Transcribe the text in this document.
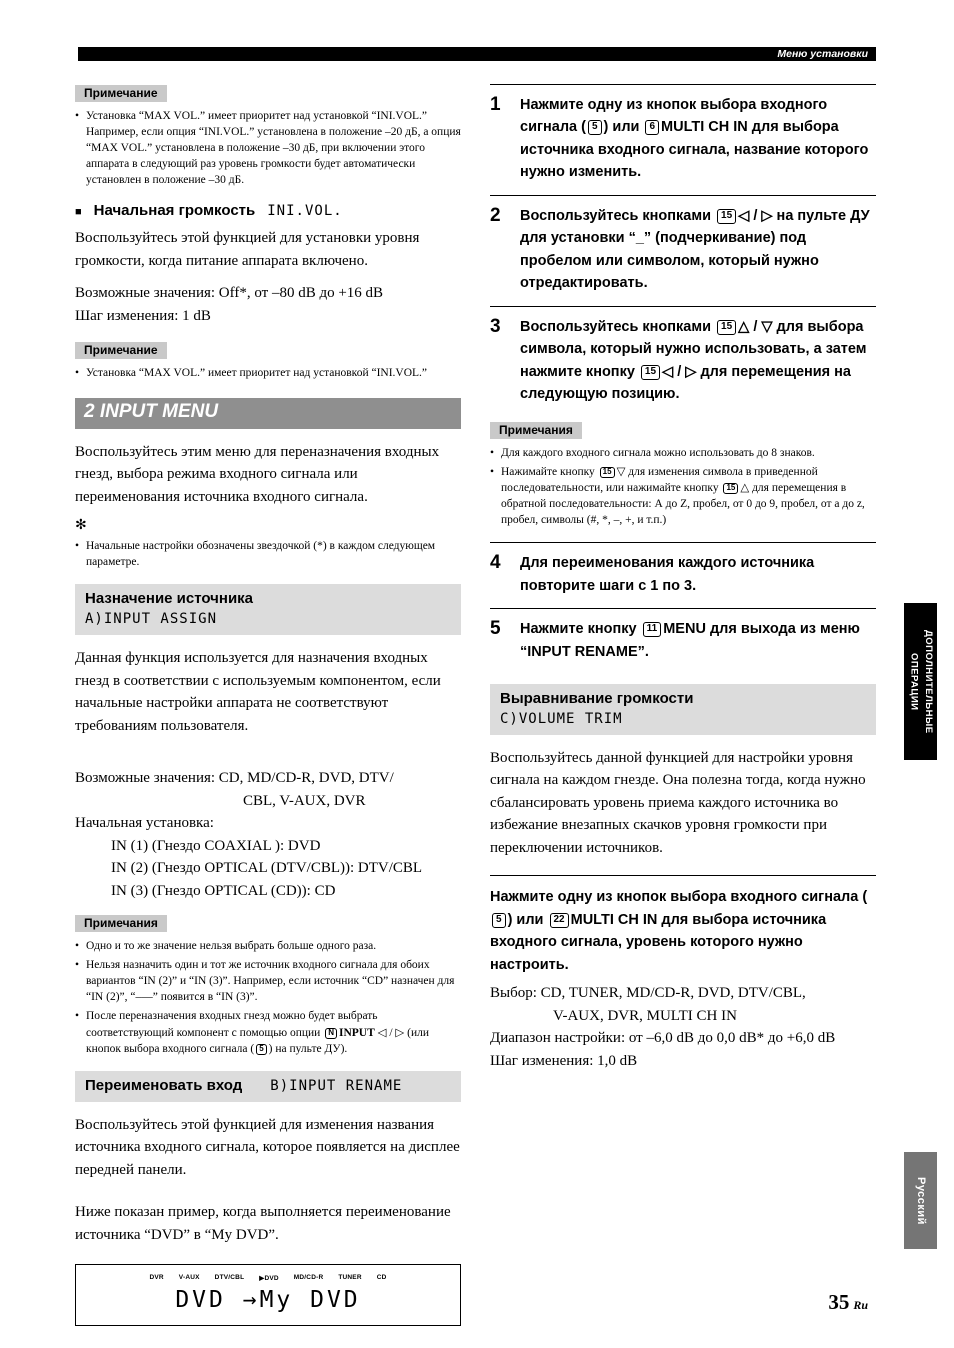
Меню установки
Примечание
• Установка “MAX VOL.” имеет приоритет над установкой “INI.VOL.” Например, если опция “INI.VOL.” установлена в положение –20 дБ, а опция “MAX VOL.” установлена в положение –30 дБ, при включении этого аппарата в следующий раз уровень громкости будет автоматически установлен в положение –30 дБ.
■ Начальная громкость INI.VOL.

Воспользуйтесь этой функцией для установки уровня громкости, когда питание аппарата включено.

Возможные значения: Off*, от –80 dB до +16 dB
Шаг изменения: 1 dB
Примечание
• Установка “MAX VOL.” имеет приоритет над установкой “INI.VOL.”
2 INPUT MENU

Воспользуйтесь этим меню для переназначения входных гнезд, выбора режима входного сигнала или переименования источника входного сигнала.

✻
• Начальные настройки обозначены звездочкой (*) в каждом следующем параметре.
Назначение источника
A)INPUT ASSIGN

Данная функция используется для назначения входных гнезд в соответствии с используемым компонентом, если начальные настройки аппарата не соответствуют требованиям пользователя.

Возможные значения: CD, MD/CD-R, DVD, DTV/
CBL, V-AUX, DVR
Начальная установка:
IN (1) (Гнездо COAXIAL ): DVD
IN (2) (Гнездо OPTICAL (DTV/CBL)): DTV/CBL
IN (3) (Гнездо OPTICAL (CD)): CD
Примечания
• Одно и то же значение нельзя выбрать больше одного раза.
• Нельзя назначить один и тот же источник входного сигнала для обоих вариантов “IN (2)” и “IN (3)”. Например, если источник “CD” назначен для “IN (2)”, “–––” появится в “IN (3)”.
• После переназначения входных гнезд можно будет выбрать соответствующий компонент с помощью опции N INPUT ◁ / ▷ (или кнопок выбора входного сигнала ( 5 ) на пульте ДУ).
Переименовать вход B)INPUT RENAME

Воспользуйтесь этой функцией для изменения названия источника входного сигнала, которое появляется на дисплее передней панели.

Ниже показан пример, когда выполняется переименование источника “DVD” в “My DVD”.

DVR V-AUX DTV/CBL ▶DVD MD/CD-R TUNER CD
DVD →My DVD
1	Нажмите одну из кнопок выбора входного сигнала ( 5 ) или 6 MULTI CH IN для выбора источника входного сигнала, название которого нужно изменить.
2	Воспользуйтесь кнопками 15 ◁ / ▷ на пульте ДУ для установки “_” (подчеркивание) под пробелом или символом, который нужно отредактировать.
3	Воспользуйтесь кнопками 15 △ / ▽ для выбора символа, который нужно использовать, а затем нажмите кнопку 15 ◁ / ▷ для перемещения на следующую позицию.
Примечания
• Для каждого входного сигнала можно использовать до 8 знаков.
• Нажимайте кнопку 15 ▽ для изменения символа в приведенной последовательности, или нажимайте кнопку 15 △ для перемещения в обратной последовательности: А до Z, пробел, от 0 до 9, пробел, от a до z, пробел, символы (#, *, –, +, и т.п.)
4	Для переименования каждого источника повторите шаги с 1 по 3.
5	Нажмите кнопку 11 MENU для выхода из меню “INPUT RENAME”.
Выравнивание громкости
C)VOLUME TRIM

Воспользуйтесь данной функцией для настройки уровня сигнала на каждом гнезде. Она полезна тогда, когда нужно сбалансировать уровень приема каждого источника во избежание внезапных скачков уровня громкости при переключении источников.

Нажмите одну из кнопок выбора входного сигнала (5 ) или 22 MULTI CH IN для выбора источника входного сигнала, уровень которого нужно настроить.
Выбор: CD, TUNER, MD/CD-R, DVD, DTV/CBL,
V-AUX, DVR, MULTI CH IN
Диапазон настройки: от –6,0 dB до 0,0 dB* до +6,0 dB
Шаг изменения: 1,0 dB
ДОПОЛНИТЕЛЬНЫЕ
ОПЕРАЦИИ
Русский
35 Ru
